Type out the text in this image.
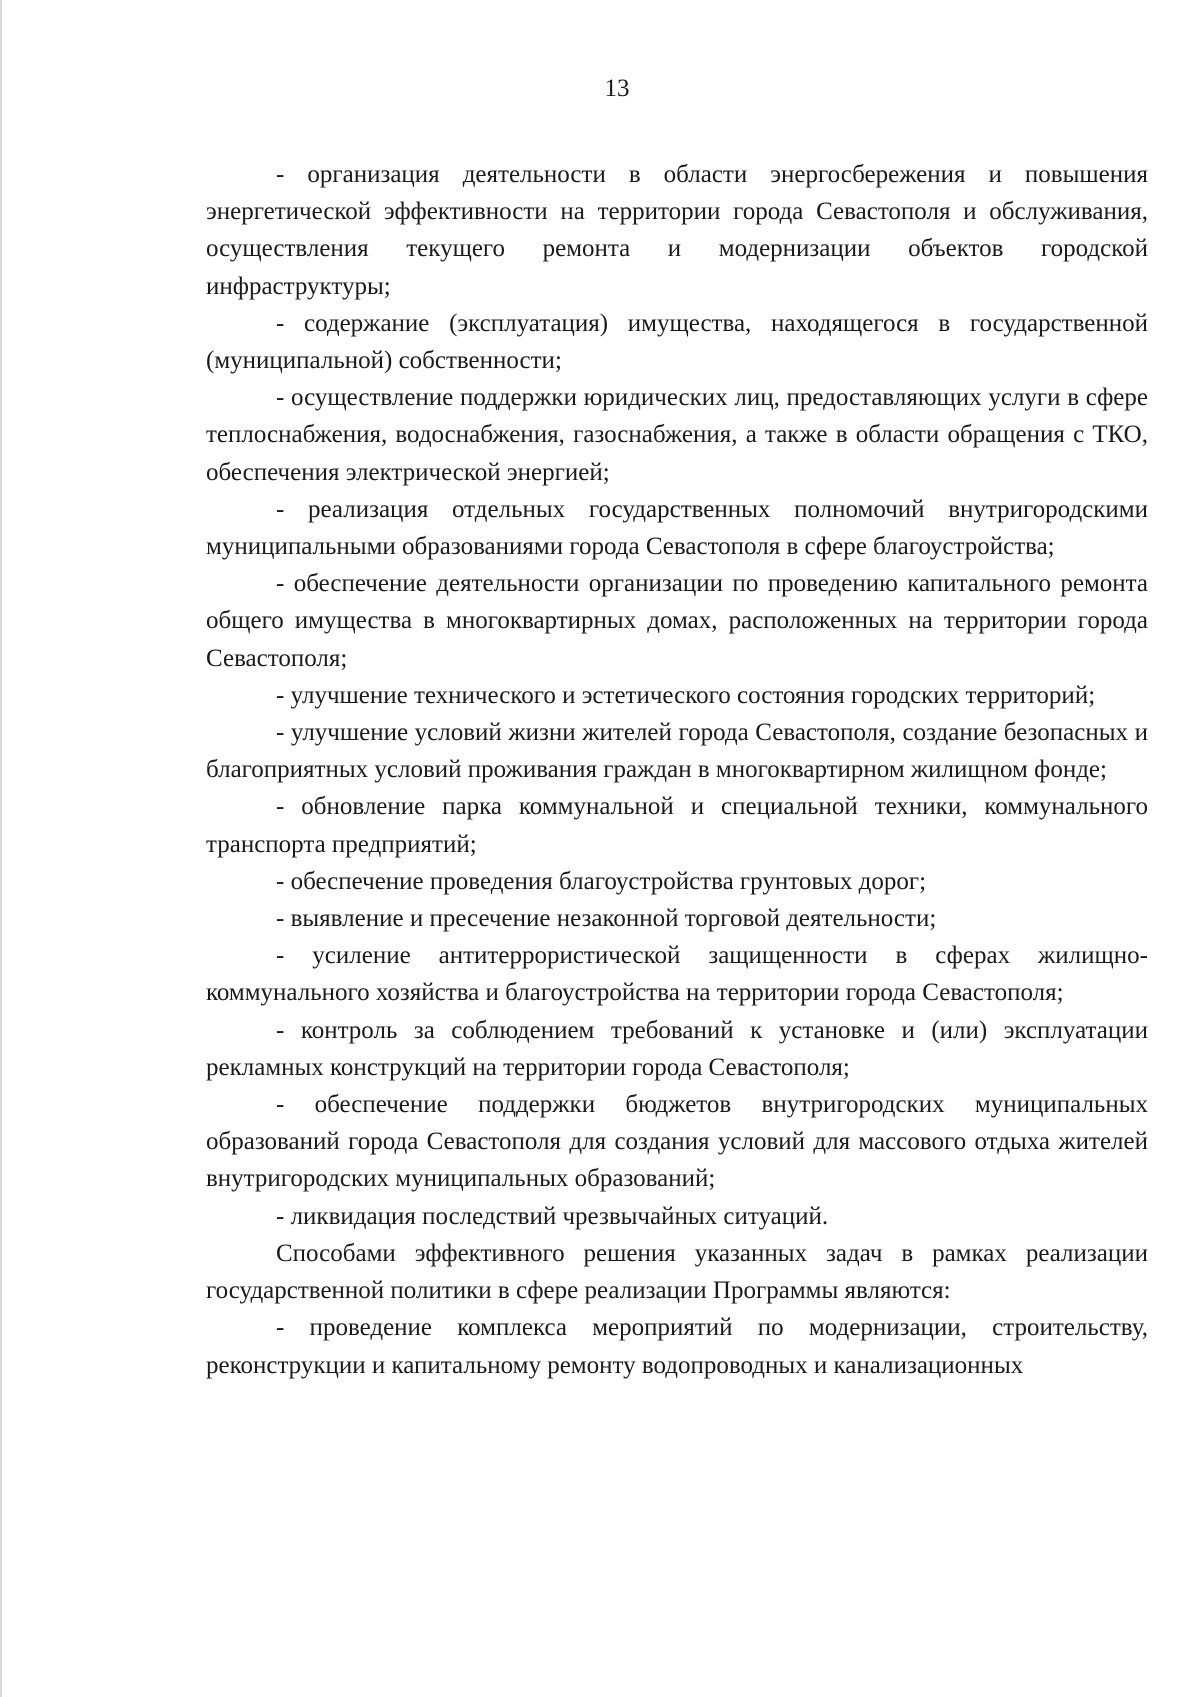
13

- организация деятельности в области энергосбережения и повышения энергетической эффективности на территории города Севастополя и обслуживания, осуществления текущего ремонта и модернизации объектов городской инфраструктуры;

- содержание (эксплуатация) имущества, находящегося в государственной (муниципальной) собственности;

- осуществление поддержки юридических лиц, предоставляющих услуги в сфере теплоснабжения, водоснабжения, газоснабжения, а также в области обращения с ТКО, обеспечения электрической энергией;

- реализация отдельных государственных полномочий внутригородскими муниципальными образованиями города Севастополя в сфере благоустройства;

- обеспечение деятельности организации по проведению капитального ремонта общего имущества в многоквартирных домах, расположенных на территории города Севастополя;

- улучшение технического и эстетического состояния городских территорий;

- улучшение условий жизни жителей города Севастополя, создание безопасных и благоприятных условий проживания граждан в многоквартирном жилищном фонде;

- обновление парка коммунальной и специальной техники, коммунального транспорта предприятий;

- обеспечение проведения благоустройства грунтовых дорог;

- выявление и пресечение незаконной торговой деятельности;

- усиление антитеррористической защищенности в сферах жилищно-коммунального хозяйства и благоустройства на территории города Севастополя;

- контроль за соблюдением требований к установке и (или) эксплуатации рекламных конструкций на территории города Севастополя;

- обеспечение поддержки бюджетов внутригородских муниципальных образований города Севастополя для создания условий для массового отдыха жителей внутригородских муниципальных образований;

- ликвидация последствий чрезвычайных ситуаций.

Способами эффективного решения указанных задач в рамках реализации государственной политики в сфере реализации Программы являются:

- проведение комплекса мероприятий по модернизации, строительству, реконструкции и капитальному ремонту водопроводных и канализационных
